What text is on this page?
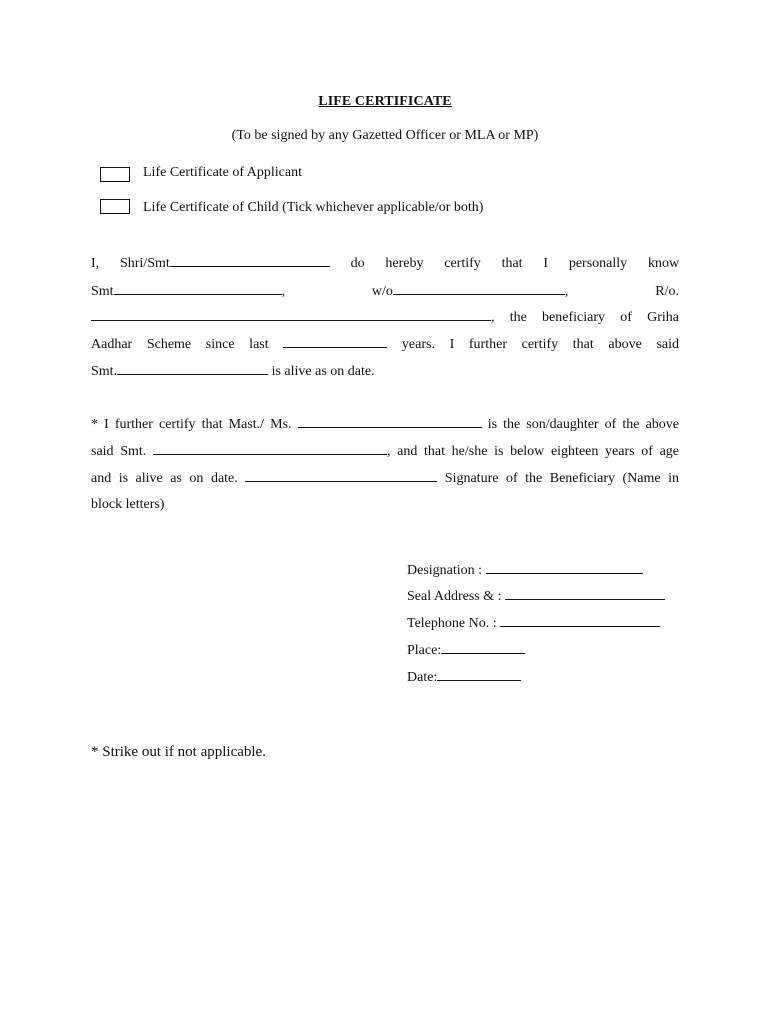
LIFE CERTIFICATE
(To be signed by any Gazetted Officer or MLA or MP)
Life Certificate of Applicant
Life Certificate of Child (Tick whichever applicable/or both)
I, Shri/Smt	do hereby certify that I personally know
Smt	,	w/o	,	R/o.
, the beneficiary of Griha
Aadhar Scheme since last	years. I further certify that above said
Smt.	is alive as on date.
* I further certify that Mast./ Ms.	is the son/daughter of the above
said Smt.	, and that he/she is below eighteen years of age
and is alive as on date.	Signature of the Beneficiary (Name in
block letters)
Designation :
Seal Address & :
Telephone No. :
Place:
Date:
* Strike out if not applicable.
